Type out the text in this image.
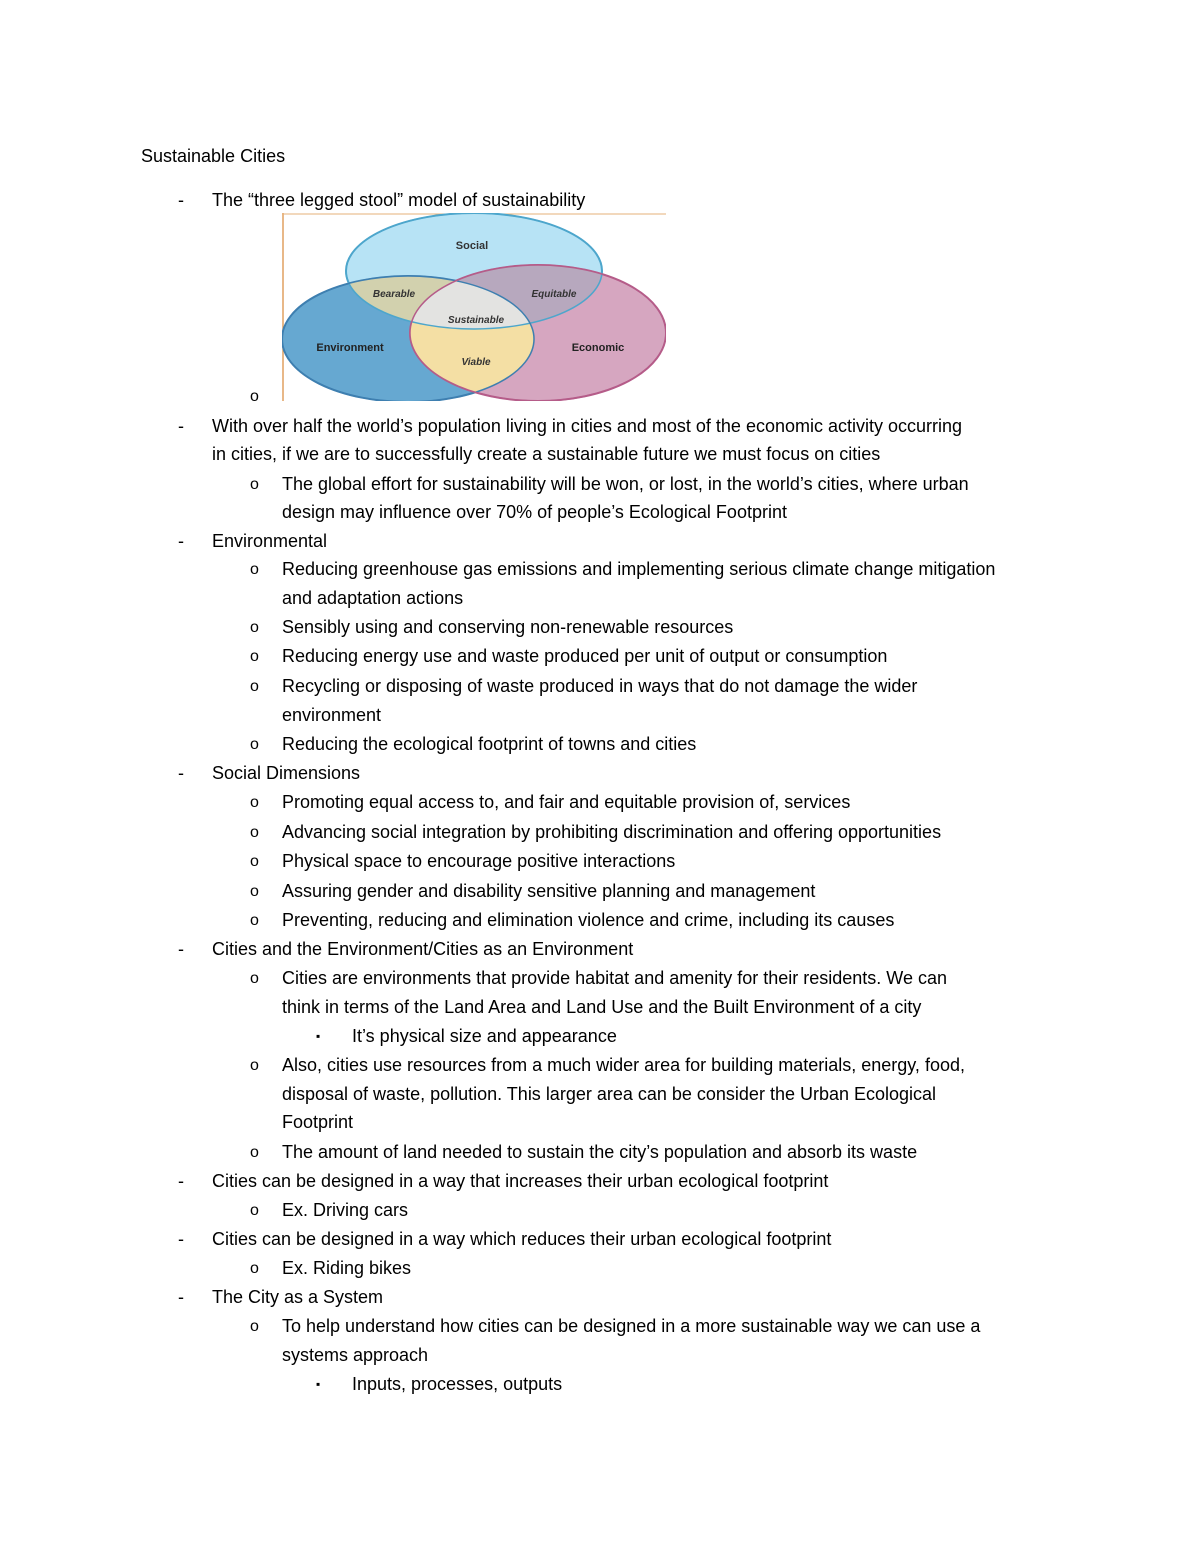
Sustainable Cities
- The “three legged stool” model of sustainability
o
- With over half the world’s population living in cities and most of the economic activity occurring
in cities, if we are to successfully create a sustainable future we must focus on cities
o The global effort for sustainability will be won, or lost, in the world’s cities, where urban
design may influence over 70% of people’s Ecological Footprint
- Environmental
o Reducing greenhouse gas emissions and implementing serious climate change mitigation
and adaptation actions
o Sensibly using and conserving non-renewable resources
o Reducing energy use and waste produced per unit of output or consumption
o Recycling or disposing of waste produced in ways that do not damage the wider
environment
o Reducing the ecological footprint of towns and cities
- Social Dimensions
o Promoting equal access to, and fair and equitable provision of, services
o Advancing social integration by prohibiting discrimination and offering opportunities
o Physical space to encourage positive interactions
o Assuring gender and disability sensitive planning and management
o Preventing, reducing and elimination violence and crime, including its causes
- Cities and the Environment/Cities as an Environment
o Cities are environments that provide habitat and amenity for their residents. We can
think in terms of the Land Area and Land Use and the Built Environment of a city
▪ It’s physical size and appearance
o Also, cities use resources from a much wider area for building materials, energy, food,
disposal of waste, pollution. This larger area can be consider the Urban Ecological
Footprint
o The amount of land needed to sustain the city’s population and absorb its waste
- Cities can be designed in a way that increases their urban ecological footprint
o Ex. Driving cars
- Cities can be designed in a way which reduces their urban ecological footprint
o Ex. Riding bikes
- The City as a System
o To help understand how cities can be designed in a more sustainable way we can use a
systems approach
▪ Inputs, processes, outputs
Social
Environment	Economic
Bearable	Equitable
Sustainable
Viable
